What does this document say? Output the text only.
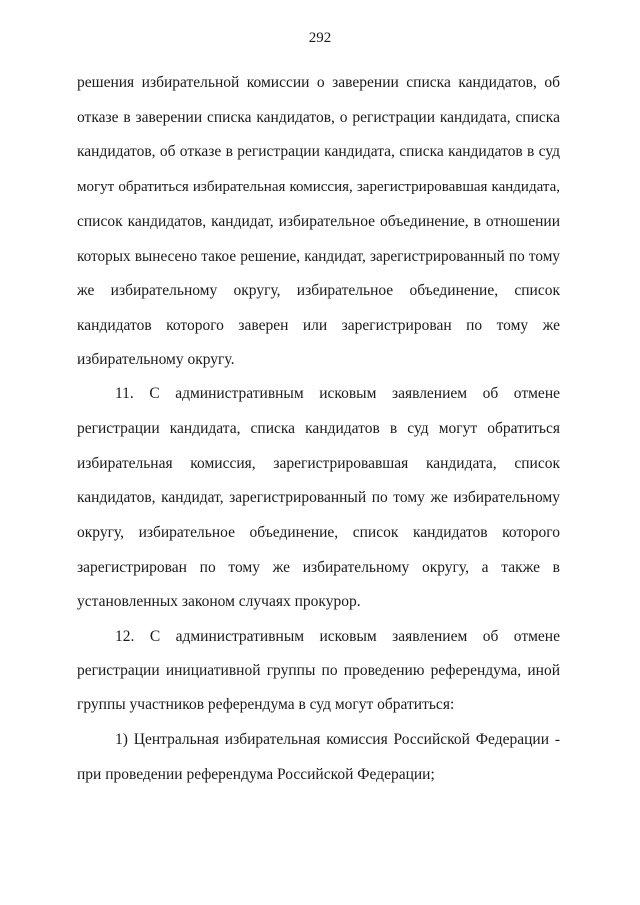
292
решения избирательной комиссии о заверении списка кандидатов, об
отказе в заверении списка кандидатов, о регистрации кандидата, списка
кандидатов, об отказе в регистрации кандидата, списка кандидатов в суд
могут обратиться избирательная комиссия, зарегистрировавшая кандидата,
список кандидатов, кандидат, избирательное объединение, в отношении
которых вынесено такое решение, кандидат, зарегистрированный по тому
же избирательному округу, избирательное объединение, список
кандидатов которого заверен или зарегистрирован по тому же
избирательному округу.
11. С административным исковым заявлением об отмене
регистрации кандидата, списка кандидатов в суд могут обратиться
избирательная комиссия, зарегистрировавшая кандидата, список
кандидатов, кандидат, зарегистрированный по тому же избирательному
округу, избирательное объединение, список кандидатов которого
зарегистрирован по тому же избирательному округу, а также в
установленных законом случаях прокурор.
12. С административным исковым заявлением об отмене
регистрации инициативной группы по проведению референдума, иной
группы участников референдума в суд могут обратиться:
1) Центральная избирательная комиссия Российской Федерации -
при проведении референдума Российской Федерации;
